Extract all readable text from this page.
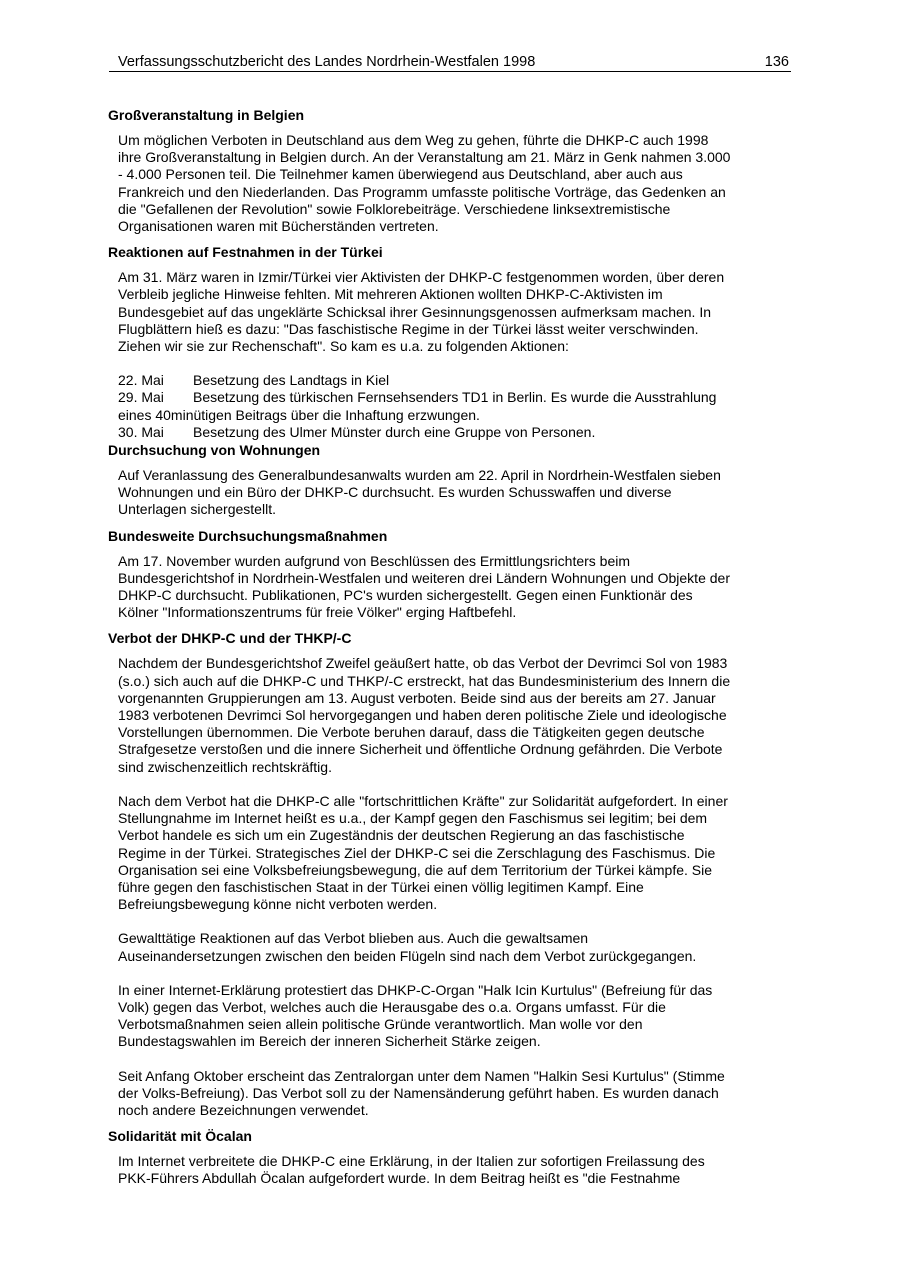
Verfassungsschutzbericht des Landes Nordrhein-Westfalen 1998	136
Großveranstaltung in Belgien

Um möglichen Verboten in Deutschland aus dem Weg zu gehen, führte die DHKP-C auch 1998
ihre Großveranstaltung in Belgien durch. An der Veranstaltung am 21. März in Genk nahmen 3.000
- 4.000 Personen teil. Die Teilnehmer kamen überwiegend aus Deutschland, aber auch aus
Frankreich und den Niederlanden. Das Programm umfasste politische Vorträge, das Gedenken an
die "Gefallenen der Revolution" sowie Folklorebeiträge. Verschiedene linksextremistische
Organisationen waren mit Bücherständen vertreten.

Reaktionen auf Festnahmen in der Türkei

Am 31. März waren in Izmir/Türkei vier Aktivisten der DHKP-C festgenommen worden, über deren
Verbleib jegliche Hinweise fehlten. Mit mehreren Aktionen wollten DHKP-C-Aktivisten im
Bundesgebiet auf das ungeklärte Schicksal ihrer Gesinnungsgenossen aufmerksam machen. In
Flugblättern hieß es dazu: "Das faschistische Regime in der Türkei lässt weiter verschwinden.
Ziehen wir sie zur Rechenschaft". So kam es u.a. zu folgenden Aktionen:

22. Mai Besetzung des Landtags in Kiel
29. Mai Besetzung des türkischen Fernsehsenders TD1 in Berlin. Es wurde die Ausstrahlung
eines 40minütigen Beitrags über die Inhaftung erzwungen.
30. Mai Besetzung des Ulmer Münster durch eine Gruppe von Personen.
Durchsuchung von Wohnungen

Auf Veranlassung des Generalbundesanwalts wurden am 22. April in Nordrhein-Westfalen sieben
Wohnungen und ein Büro der DHKP-C durchsucht. Es wurden Schusswaffen und diverse
Unterlagen sichergestellt.

Bundesweite Durchsuchungsmaßnahmen

Am 17. November wurden aufgrund von Beschlüssen des Ermittlungsrichters beim
Bundesgerichtshof in Nordrhein-Westfalen und weiteren drei Ländern Wohnungen und Objekte der
DHKP-C durchsucht. Publikationen, PC's wurden sichergestellt. Gegen einen Funktionär des
Kölner "Informationszentrums für freie Völker" erging Haftbefehl.

Verbot der DHKP-C und der THKP/-C

Nachdem der Bundesgerichtshof Zweifel geäußert hatte, ob das Verbot der Devrimci Sol von 1983
(s.o.) sich auch auf die DHKP-C und THKP/-C erstreckt, hat das Bundesministerium des Innern die
vorgenannten Gruppierungen am 13. August verboten. Beide sind aus der bereits am 27. Januar
1983 verbotenen Devrimci Sol hervorgegangen und haben deren politische Ziele und ideologische
Vorstellungen übernommen. Die Verbote beruhen darauf, dass die Tätigkeiten gegen deutsche
Strafgesetze verstoßen und die innere Sicherheit und öffentliche Ordnung gefährden. Die Verbote
sind zwischenzeitlich rechtskräftig.

Nach dem Verbot hat die DHKP-C alle "fortschrittlichen Kräfte" zur Solidarität aufgefordert. In einer
Stellungnahme im Internet heißt es u.a., der Kampf gegen den Faschismus sei legitim; bei dem
Verbot handele es sich um ein Zugeständnis der deutschen Regierung an das faschistische
Regime in der Türkei. Strategisches Ziel der DHKP-C sei die Zerschlagung des Faschismus. Die
Organisation sei eine Volksbefreiungsbewegung, die auf dem Territorium der Türkei kämpfe. Sie
führe gegen den faschistischen Staat in der Türkei einen völlig legitimen Kampf. Eine
Befreiungsbewegung könne nicht verboten werden.

Gewalttätige Reaktionen auf das Verbot blieben aus. Auch die gewaltsamen
Auseinandersetzungen zwischen den beiden Flügeln sind nach dem Verbot zurückgegangen.

In einer Internet-Erklärung protestiert das DHKP-C-Organ "Halk Icin Kurtulus" (Befreiung für das
Volk) gegen das Verbot, welches auch die Herausgabe des o.a. Organs umfasst. Für die
Verbotsmaßnahmen seien allein politische Gründe verantwortlich. Man wolle vor den
Bundestagswahlen im Bereich der inneren Sicherheit Stärke zeigen.

Seit Anfang Oktober erscheint das Zentralorgan unter dem Namen "Halkin Sesi Kurtulus" (Stimme
der Volks-Befreiung). Das Verbot soll zu der Namensänderung geführt haben. Es wurden danach
noch andere Bezeichnungen verwendet.

Solidarität mit Öcalan

Im Internet verbreitete die DHKP-C eine Erklärung, in der Italien zur sofortigen Freilassung des
PKK-Führers Abdullah Öcalan aufgefordert wurde. In dem Beitrag heißt es "die Festnahme
